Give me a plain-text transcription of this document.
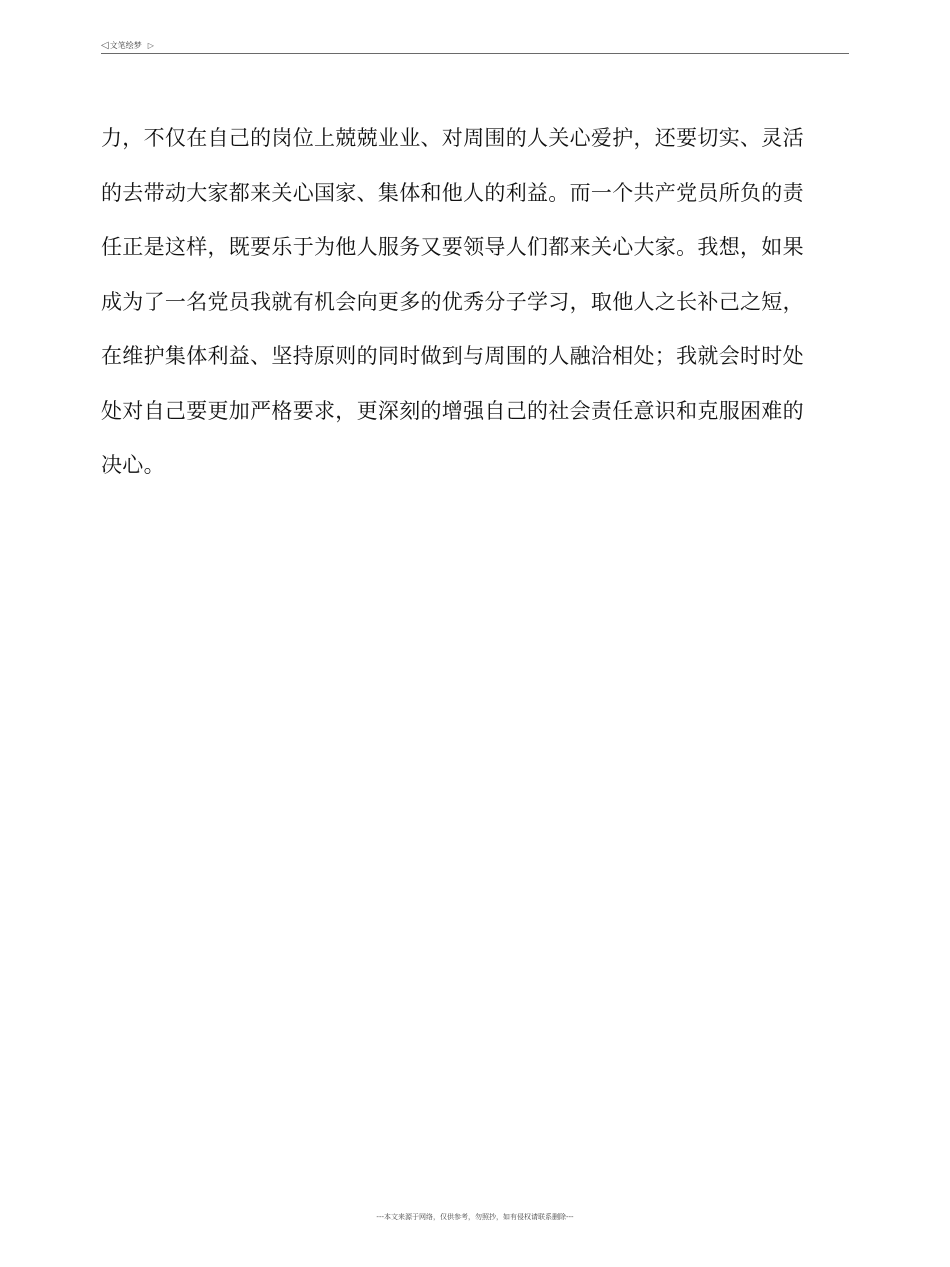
◁ 文笔绘梦 ▷
力，不仅在自己的岗位上兢兢业业、对周围的人关心爱护，还要切实、灵活
的去带动大家都来关心国家、集体和他人的利益。而一个共产党员所负的责
任正是这样，既要乐于为他人服务又要领导人们都来关心大家。我想，如果
成为了一名党员我就有机会向更多的优秀分子学习，取他人之长补己之短，
在维护集体利益、坚持原则的同时做到与周围的人融洽相处；我就会时时处
处对自己要更加严格要求，更深刻的增强自己的社会责任意识和克服困难的
决心。
---本文来源于网络，仅供参考，勿照抄，如有侵权请联系删除---
